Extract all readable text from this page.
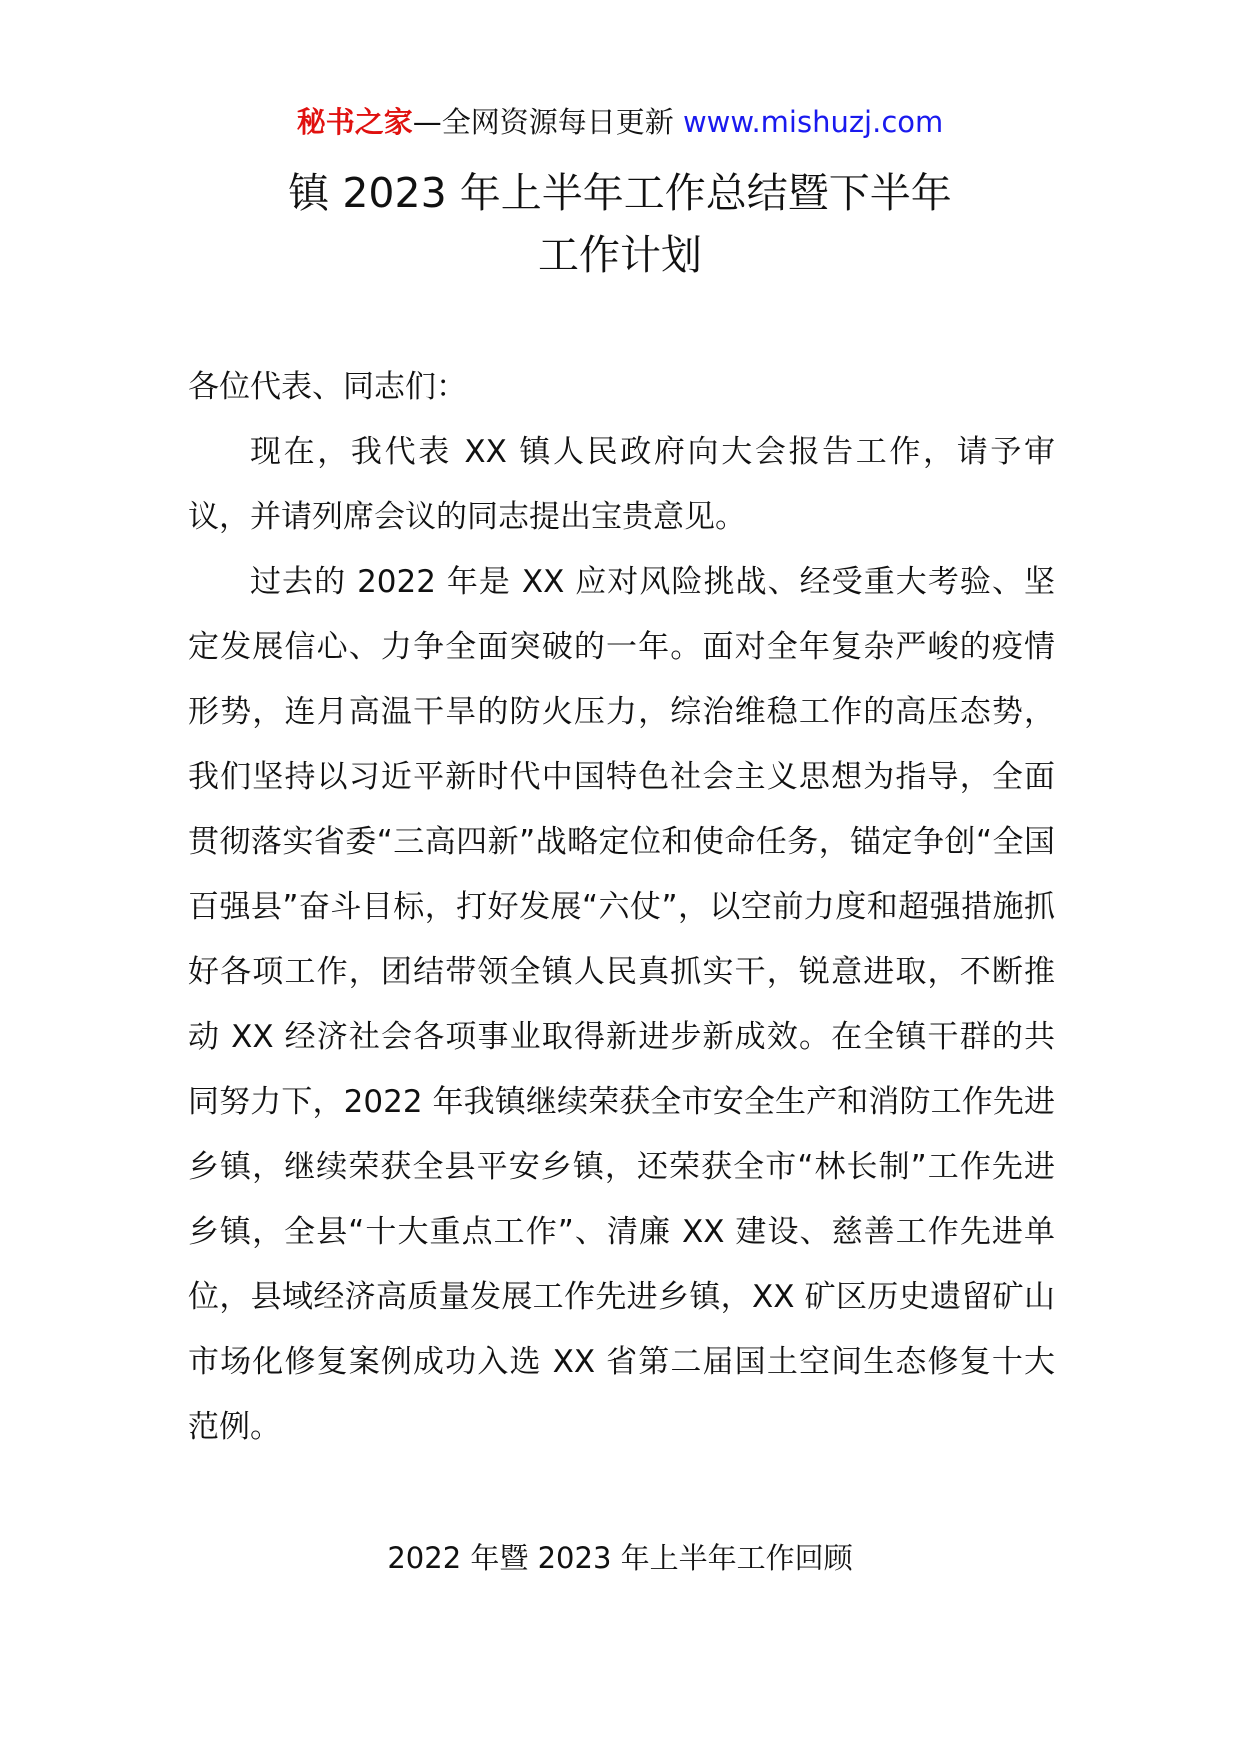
秘书之家—全网资源每日更新 www.mishuzj.com
镇 2023 年上半年工作总结暨下半年
工作计划

各位代表、同志们：

现在，我代表 XX 镇人民政府向大会报告工作，请予审议，并请列席会议的同志提出宝贵意见。

过去的 2022 年是 XX 应对风险挑战、经受重大考验、坚定发展信心、力争全面突破的一年。面对全年复杂严峻的疫情形势，连月高温干旱的防火压力，综治维稳工作的高压态势，我们坚持以习近平新时代中国特色社会主义思想为指导，全面贯彻落实省委“三高四新”战略定位和使命任务，锚定争创“全国百强县”奋斗目标，打好发展“六仗”，以空前力度和超强措施抓好各项工作，团结带领全镇人民真抓实干，锐意进取，不断推动 XX 经济社会各项事业取得新进步新成效。在全镇干群的共同努力下，2022 年我镇继续荣获全市安全生产和消防工作先进乡镇，继续荣获全县平安乡镇，还荣获全市“林长制”工作先进乡镇，全县“十大重点工作”、清廉 XX 建设、慈善工作先进单位，县域经济高质量发展工作先进乡镇，XX 矿区历史遗留矿山市场化修复案例成功入选 XX 省第二届国土空间生态修复十大范例。

2022 年暨 2023 年上半年工作回顾
